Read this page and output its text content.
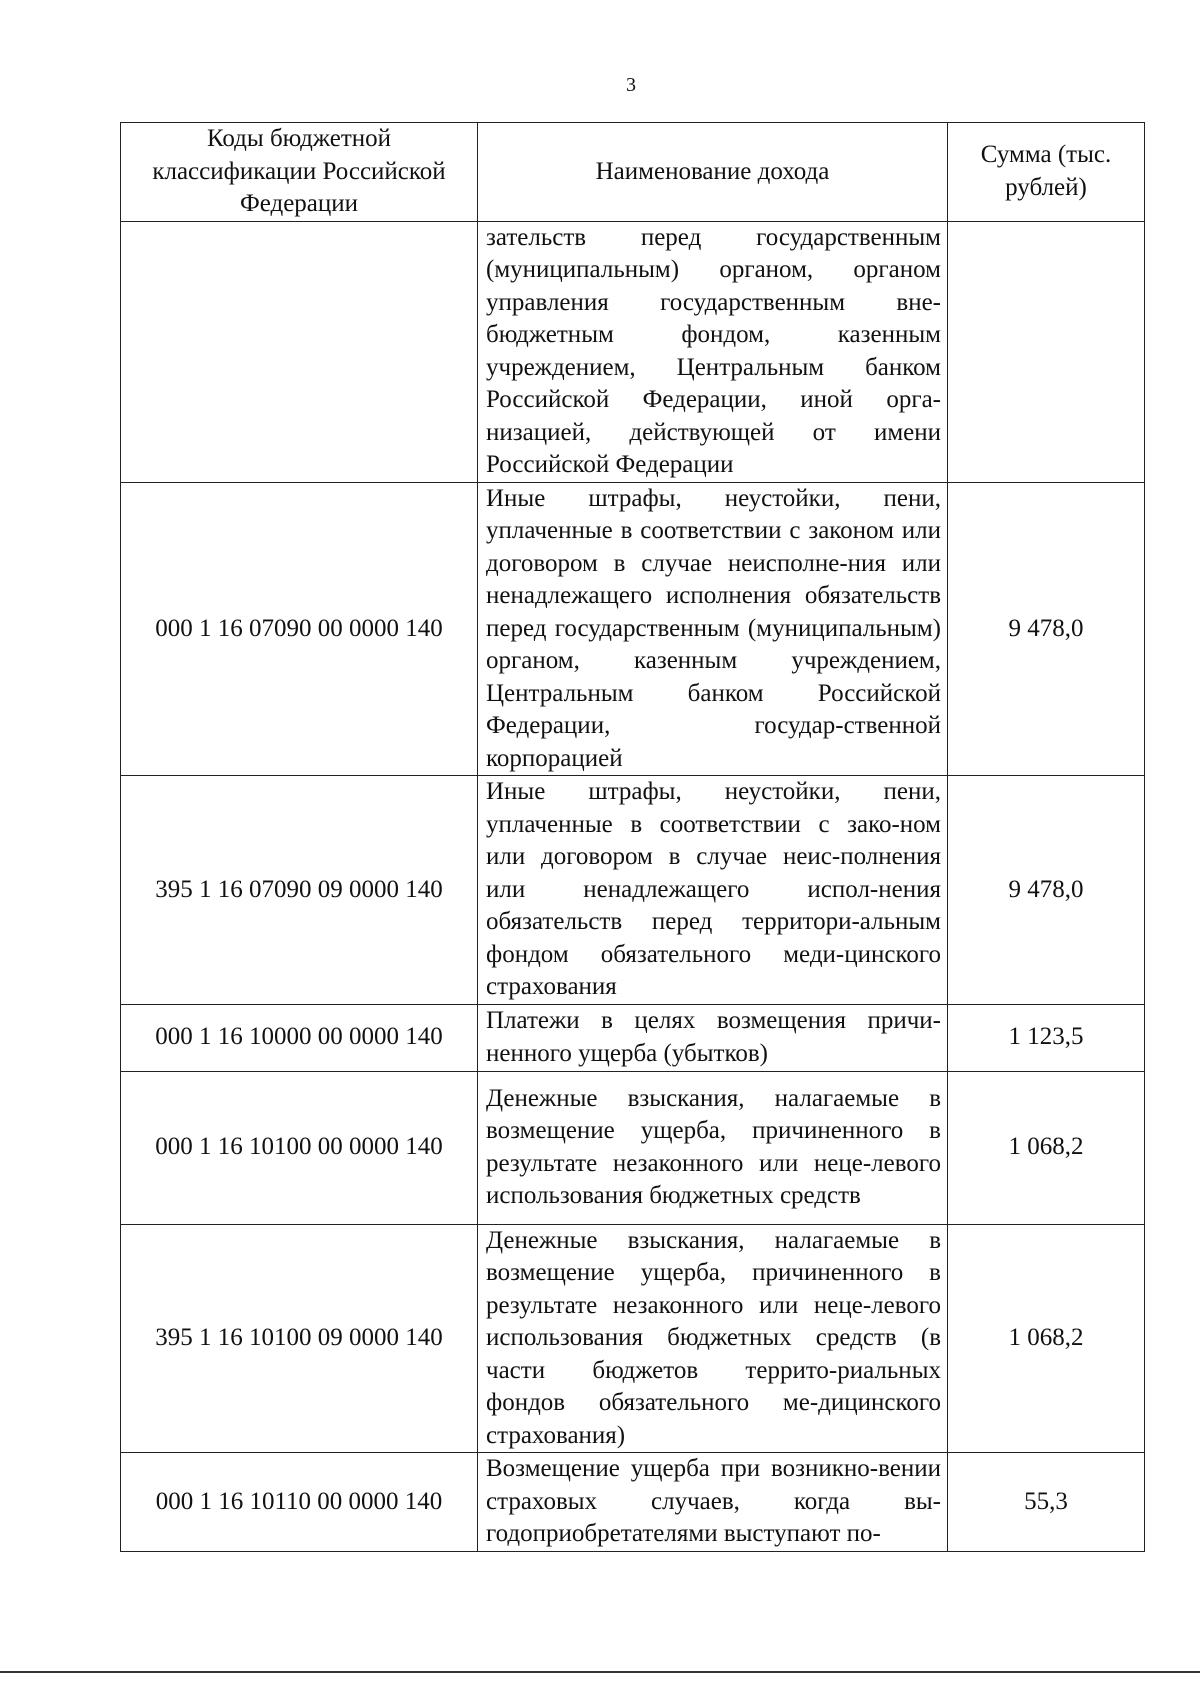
3
Коды бюджетной классификации Российской Федерации	Наименование дохода	Сумма (тыс. рублей)
	зательств перед государственным (муниципальным) органом, органом управления государственным вне-бюджетным фондом, казенным учреждением, Центральным банком Российской Федерации, иной орга-низацией, действующей от имени Российской Федерации	
000 1 16 07090 00 0000 140	Иные штрафы, неустойки, пени, уплаченные в соответствии с законом или договором в случае неисполне-ния или ненадлежащего исполнения обязательств перед государственным (муниципальным) органом, казенным учреждением, Центральным банком Российской Федерации, государ-ственной корпорацией	9 478,0
395 1 16 07090 09 0000 140	Иные штрафы, неустойки, пени, уплаченные в соответствии с зако-ном или договором в случае неис-полнения или ненадлежащего испол-нения обязательств перед территори-альным фондом обязательного меди-цинского страхования	9 478,0
000 1 16 10000 00 0000 140	Платежи в целях возмещения причи-ненного ущерба (убытков)	1 123,5
000 1 16 10100 00 0000 140	Денежные взыскания, налагаемые в возмещение ущерба, причиненного в результате незаконного или неце-левого использования бюджетных средств	1 068,2
395 1 16 10100 09 0000 140	Денежные взыскания, налагаемые в возмещение ущерба, причиненного в результате незаконного или неце-левого использования бюджетных средств (в части бюджетов террито-риальных фондов обязательного ме-дицинского страхования)	1 068,2
000 1 16 10110 00 0000 140	Возмещение ущерба при возникно-вении страховых случаев, когда вы-годоприобретателями выступают по-	55,3
